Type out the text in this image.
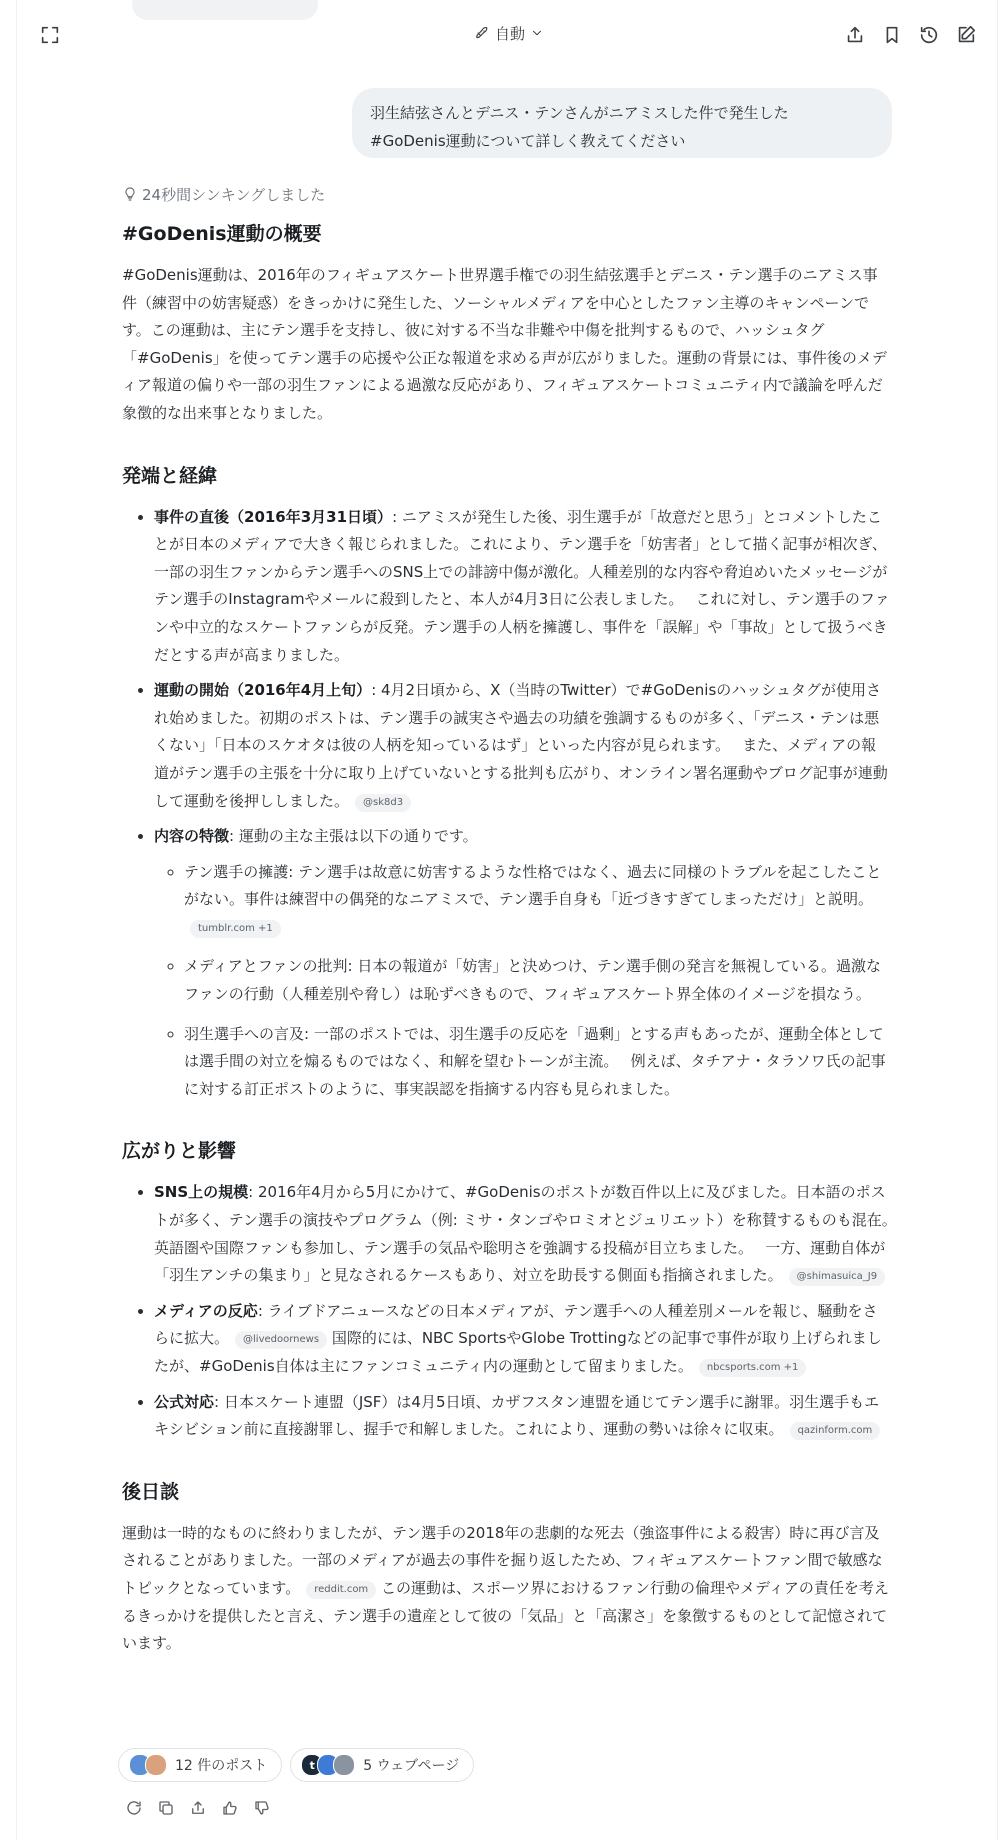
自動
羽生結弦さんとデニス・テンさんがニアミスした件で発生した
#GoDenis運動について詳しく教えてください
24秒間シンキングしました
#GoDenis運動の概要

#GoDenis運動は、2016年のフィギュアスケート世界選手権での羽生結弦選手とデニス・テン選手のニアミス事件（練習中の妨害疑惑）をきっかけに発生した、ソーシャルメディアを中心としたファン主導のキャンペーンです。この運動は、主にテン選手を支持し、彼に対する不当な非難や中傷を批判するもので、ハッシュタグ「#GoDenis」を使ってテン選手の応援や公正な報道を求める声が広がりました。運動の背景には、事件後のメディア報道の偏りや一部の羽生ファンによる過激な反応があり、フィギュアスケートコミュニティ内で議論を呼んだ象徴的な出来事となりました。

発端と経緯
• 事件の直後（2016年3月31日頃）: ニアミスが発生した後、羽生選手が「故意だと思う」とコメントしたことが日本のメディアで大きく報じられました。これにより、テン選手を「妨害者」として描く記事が相次ぎ、一部の羽生ファンからテン選手へのSNS上での誹謗中傷が激化。人種差別的な内容や脅迫めいたメッセージがテン選手のInstagramやメールに殺到したと、本人が4月3日に公表しました。　 これに対し、テン選手のファンや中立的なスケートファンらが反発。テン選手の人柄を擁護し、事件を「誤解」や「事故」として扱うべきだとする声が高まりました。
• 運動の開始（2016年4月上旬）: 4月2日頃から、X（当時のTwitter）で#GoDenisのハッシュタグが使用され始めました。初期のポストは、テン選手の誠実さや過去の功績を強調するものが多く、「デニス・テンは悪くない」「日本のスケオタは彼の人柄を知っているはず」といった内容が見られます。　 また、メディアの報道がテン選手の主張を十分に取り上げていないとする批判も広がり、オンライン署名運動やブログ記事が連動して運動を後押ししました。 @sk8d3
• 内容の特徴: 運動の主な主張は以下の通りです。
◦ テン選手の擁護: テン選手は故意に妨害するような性格ではなく、過去に同様のトラブルを起こしたことがない。事件は練習中の偶発的なニアミスで、テン選手自身も「近づきすぎてしまっただけ」と説明。tumblr.com +1
◦ メディアとファンの批判: 日本の報道が「妨害」と決めつけ、テン選手側の発言を無視している。過激なファンの行動（人種差別や脅し）は恥ずべきもので、フィギュアスケート界全体のイメージを損なう。
◦ 羽生選手への言及: 一部のポストでは、羽生選手の反応を「過剰」とする声もあったが、運動全体としては選手間の対立を煽るものではなく、和解を望むトーンが主流。　 例えば、タチアナ・タラソワ氏の記事に対する訂正ポストのように、事実誤認を指摘する内容も見られました。
広がりと影響
• SNS上の規模: 2016年4月から5月にかけて、#GoDenisのポストが数百件以上に及びました。日本語のポストが多く、テン選手の演技やプログラム（例: ミサ・タンゴやロミオとジュリエット）を称賛するものも混在。　 英語圏や国際ファンも参加し、テン選手の気品や聡明さを強調する投稿が目立ちました。　 一方、運動自体が「羽生アンチの集まり」と見なされるケースもあり、対立を助長する側面も指摘されました。 @shimasuica_J9
• メディアの反応: ライブドアニュースなどの日本メディアが、テン選手への人種差別メールを報じ、騒動をさらに拡大。 @livedoornews 国際的には、NBC SportsやGlobe Trottingなどの記事で事件が取り上げられましたが、#GoDenis自体は主にファンコミュニティ内の運動として留まりました。 nbcsports.com +1
• 公式対応: 日本スケート連盟（JSF）は4月5日頃、カザフスタン連盟を通じてテン選手に謝罪。羽生選手もエキシビション前に直接謝罪し、握手で和解しました。これにより、運動の勢いは徐々に収束。 qazinform.com
後日談

運動は一時的なものに終わりましたが、テン選手の2018年の悲劇的な死去（強盗事件による殺害）時に再び言及されることがありました。一部のメディアが過去の事件を掘り返したため、フィギュアスケートファン間で敏感なトピックとなっています。 reddit.com この運動は、スポーツ界におけるファン行動の倫理やメディアの責任を考えるきっかけを提供したと言え、テン選手の遺産として彼の「気品」と「高潔さ」を象徴するものとして記憶されています。

12 件のポスト	t	5 ウェブページ
